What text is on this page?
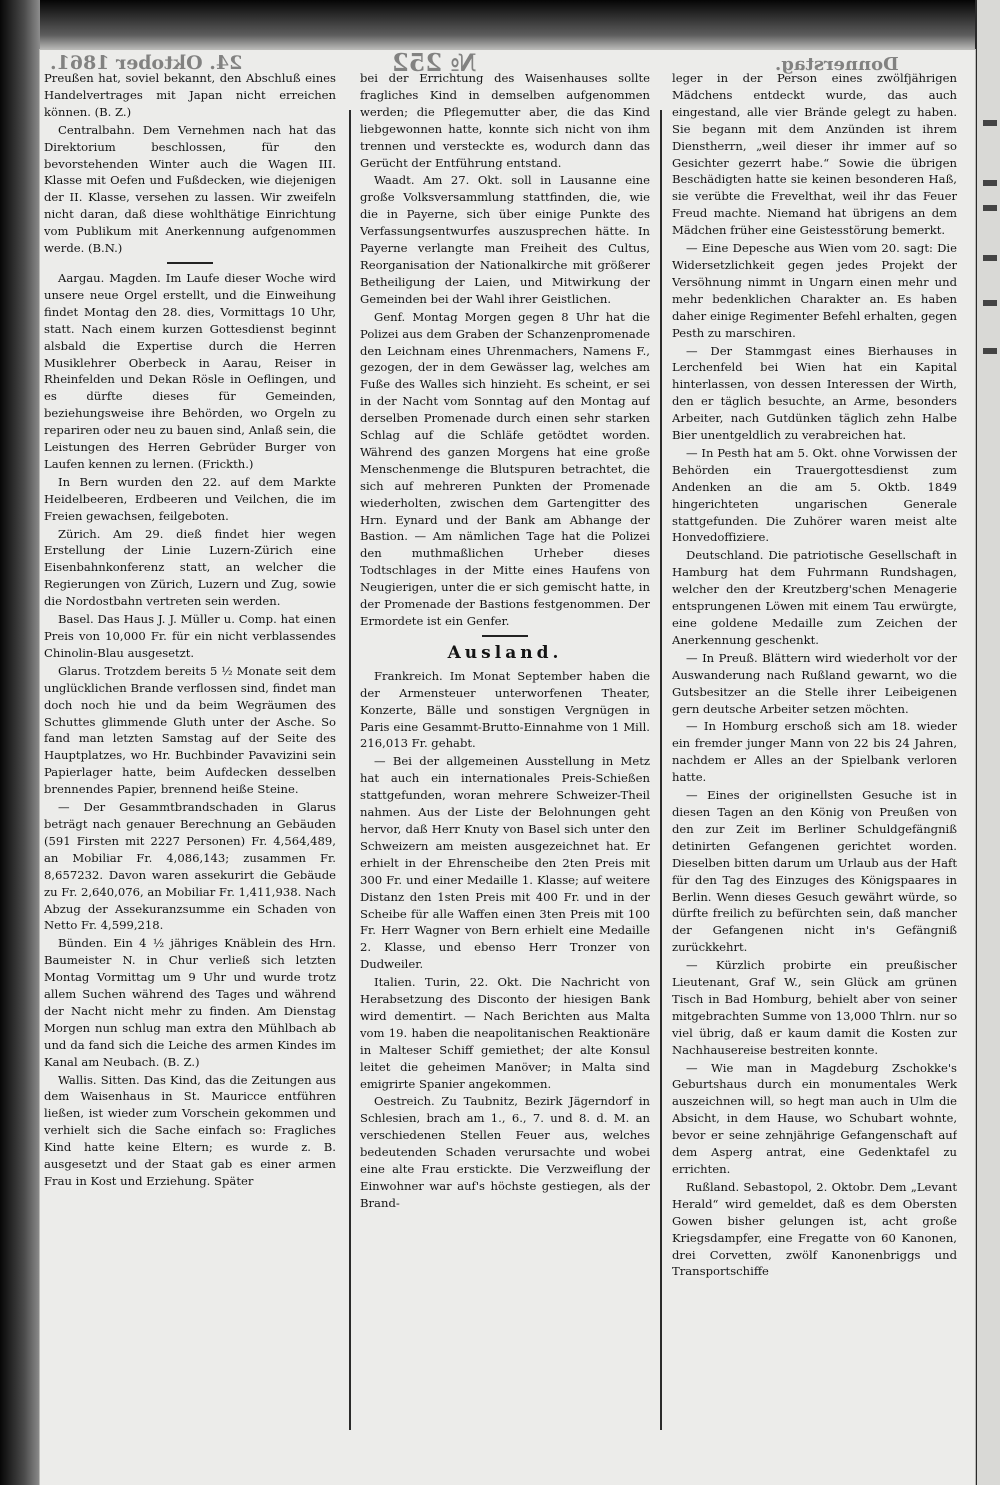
24. Oktober 1861.	№ 252	Donnerstag.

Preußen hat, soviel bekannt, den Abschluß eines Handelvertrages mit Japan nicht erreichen können. (B. Z.)

Centralbahn. Dem Vernehmen nach hat das Direktorium beschlossen, für den bevorstehenden Winter auch die Wagen III. Klasse mit Oefen und Fußdecken, wie diejenigen der II. Klasse, versehen zu lassen. Wir zweifeln nicht daran, daß diese wohlthätige Einrichtung vom Publikum mit Anerkennung aufgenommen werde. (B.N.)

Aargau. Magden. Im Laufe dieser Woche wird unsere neue Orgel erstellt, und die Einweihung findet Montag den 28. dies, Vormittags 10 Uhr, statt. Nach einem kurzen Gottesdienst beginnt alsbald die Expertise durch die Herren Musiklehrer Oberbeck in Aarau, Reiser in Rheinfelden und Dekan Rösle in Oeflingen, und es dürfte dieses für Gemeinden, beziehungsweise ihre Behörden, wo Orgeln zu repariren oder neu zu bauen sind, Anlaß sein, die Leistungen des Herren Gebrüder Burger von Laufen kennen zu lernen. (Frickth.)

In Bern wurden den 22. auf dem Markte Heidelbeeren, Erdbeeren und Veilchen, die im Freien gewachsen, feilgeboten.

Zürich. Am 29. dieß findet hier wegen Erstellung der Linie Luzern-Zürich eine Eisenbahnkonferenz statt, an welcher die Regierungen von Zürich, Luzern und Zug, sowie die Nordostbahn vertreten sein werden.

Basel. Das Haus J. J. Müller u. Comp. hat einen Preis von 10,000 Fr. für ein nicht verblassendes Chinolin-Blau ausgesetzt.

Glarus. Trotzdem bereits 5 ½ Monate seit dem unglücklichen Brande verflossen sind, findet man doch noch hie und da beim Wegräumen des Schuttes glimmende Gluth unter der Asche. So fand man letzten Samstag auf der Seite des Hauptplatzes, wo Hr. Buchbinder Pavavizini sein Papierlager hatte, beim Aufdecken desselben brennendes Papier, brennend heiße Steine.

— Der Gesammtbrandschaden in Glarus beträgt nach genauer Berechnung an Gebäuden (591 Firsten mit 2227 Personen) Fr. 4,564,489, an Mobiliar Fr. 4,086,143; zusammen Fr. 8,657232. Davon waren assekurirt die Gebäude zu Fr. 2,640,076, an Mobiliar Fr. 1,411,938. Nach Abzug der Assekuranzsumme ein Schaden von Netto Fr. 4,599,218.

Bünden. Ein 4 ½ jähriges Knäblein des Hrn. Baumeister N. in Chur verließ sich letzten Montag Vormittag um 9 Uhr und wurde trotz allem Suchen während des Tages und während der Nacht nicht mehr zu finden. Am Dienstag Morgen nun schlug man extra den Mühlbach ab und da fand sich die Leiche des armen Kindes im Kanal am Neubach. (B. Z.)

Wallis. Sitten. Das Kind, das die Zeitungen aus dem Waisenhaus in St. Mauricce entführen ließen, ist wieder zum Vorschein gekommen und verhielt sich die Sache einfach so: Fragliches Kind hatte keine Eltern; es wurde z. B. ausgesetzt und der Staat gab es einer armen Frau in Kost und Erziehung. Später

bei der Errichtung des Waisenhauses sollte fragliches Kind in demselben aufgenommen werden; die Pflegemutter aber, die das Kind liebgewonnen hatte, konnte sich nicht von ihm trennen und versteckte es, wodurch dann das Gerücht der Entführung entstand.

Waadt. Am 27. Okt. soll in Lausanne eine große Volksversammlung stattfinden, die, wie die in Payerne, sich über einige Punkte des Verfassungsentwurfes auszusprechen hätte. In Payerne verlangte man Freiheit des Cultus, Reorganisation der Nationalkirche mit größerer Betheiligung der Laien, und Mitwirkung der Gemeinden bei der Wahl ihrer Geistlichen.

Genf. Montag Morgen gegen 8 Uhr hat die Polizei aus dem Graben der Schanzenpromenade den Leichnam eines Uhrenmachers, Namens F., gezogen, der in dem Gewässer lag, welches am Fuße des Walles sich hinzieht. Es scheint, er sei in der Nacht vom Sonntag auf den Montag auf derselben Promenade durch einen sehr starken Schlag auf die Schläfe getödtet worden. Während des ganzen Morgens hat eine große Menschenmenge die Blutspuren betrachtet, die sich auf mehreren Punkten der Promenade wiederholten, zwischen dem Gartengitter des Hrn. Eynard und der Bank am Abhange der Bastion. — Am nämlichen Tage hat die Polizei den muthmaßlichen Urheber dieses Todtschlages in der Mitte eines Haufens von Neugierigen, unter die er sich gemischt hatte, in der Promenade der Bastions festgenommen. Der Ermordete ist ein Genfer.

Ausland.

Frankreich. Im Monat September haben die der Armensteuer unterworfenen Theater, Konzerte, Bälle und sonstigen Vergnügen in Paris eine Gesammt-Brutto-Einnahme von 1 Mill. 216,013 Fr. gehabt.

— Bei der allgemeinen Ausstellung in Metz hat auch ein internationales Preis-Schießen stattgefunden, woran mehrere Schweizer-Theil nahmen. Aus der Liste der Belohnungen geht hervor, daß Herr Knuty von Basel sich unter den Schweizern am meisten ausgezeichnet hat. Er erhielt in der Ehrenscheibe den 2ten Preis mit 300 Fr. und einer Medaille 1. Klasse; auf weitere Distanz den 1sten Preis mit 400 Fr. und in der Scheibe für alle Waffen einen 3ten Preis mit 100 Fr. Herr Wagner von Bern erhielt eine Medaille 2. Klasse, und ebenso Herr Tronzer von Dudweiler.

Italien. Turin, 22. Okt. Die Nachricht von Herabsetzung des Disconto der hiesigen Bank wird dementirt. — Nach Berichten aus Malta vom 19. haben die neapolitanischen Reaktionäre in Malteser Schiff gemiethet; der alte Konsul leitet die geheimen Manöver; in Malta sind emigrirte Spanier angekommen.

Oestreich. Zu Taubnitz, Bezirk Jägerndorf in Schlesien, brach am 1., 6., 7. und 8. d. M. an verschiedenen Stellen Feuer aus, welches bedeutenden Schaden verursachte und wobei eine alte Frau erstickte. Die Verzweiflung der Einwohner war auf's höchste gestiegen, als der Brand-

leger in der Person eines zwölfjährigen Mädchens entdeckt wurde, das auch eingestand, alle vier Brände gelegt zu haben. Sie begann mit dem Anzünden ist ihrem Dienstherrn, „weil dieser ihr immer auf so Gesichter gezerrt habe.“ Sowie die übrigen Beschädigten hatte sie keinen besonderen Haß, sie verübte die Frevelthat, weil ihr das Feuer Freud machte. Niemand hat übrigens an dem Mädchen früher eine Geistesstörung bemerkt.

— Eine Depesche aus Wien vom 20. sagt: Die Widersetzlichkeit gegen jedes Projekt der Versöhnung nimmt in Ungarn einen mehr und mehr bedenklichen Charakter an. Es haben daher einige Regimenter Befehl erhalten, gegen Pesth zu marschiren.

— Der Stammgast eines Bierhauses in Lerchenfeld bei Wien hat ein Kapital hinterlassen, von dessen Interessen der Wirth, den er täglich besuchte, an Arme, besonders Arbeiter, nach Gutdünken täglich zehn Halbe Bier unentgeldlich zu verabreichen hat.

— In Pesth hat am 5. Okt. ohne Vorwissen der Behörden ein Trauergottesdienst zum Andenken an die am 5. Oktb. 1849 hingerichteten ungarischen Generale stattgefunden. Die Zuhörer waren meist alte Honvedoffiziere.

Deutschland. Die patriotische Gesellschaft in Hamburg hat dem Fuhrmann Rundshagen, welcher den der Kreutzberg'schen Menagerie entsprungenen Löwen mit einem Tau erwürgte, eine goldene Medaille zum Zeichen der Anerkennung geschenkt.

— In Preuß. Blättern wird wiederholt vor der Auswanderung nach Rußland gewarnt, wo die Gutsbesitzer an die Stelle ihrer Leibeigenen gern deutsche Arbeiter setzen möchten.

— In Homburg erschoß sich am 18. wieder ein fremder junger Mann von 22 bis 24 Jahren, nachdem er Alles an der Spielbank verloren hatte.

— Eines der originellsten Gesuche ist in diesen Tagen an den König von Preußen von den zur Zeit im Berliner Schuldgefängniß detinirten Gefangenen gerichtet worden. Dieselben bitten darum um Urlaub aus der Haft für den Tag des Einzuges des Königspaares in Berlin. Wenn dieses Gesuch gewährt würde, so dürfte freilich zu befürchten sein, daß mancher der Gefangenen nicht in's Gefängniß zurückkehrt.

— Kürzlich probirte ein preußischer Lieutenant, Graf W., sein Glück am grünen Tisch in Bad Homburg, behielt aber von seiner mitgebrachten Summe von 13,000 Thlrn. nur so viel übrig, daß er kaum damit die Kosten zur Nachhausereise bestreiten konnte.

— Wie man in Magdeburg Zschokke's Geburtshaus durch ein monumentales Werk auszeichnen will, so hegt man auch in Ulm die Absicht, in dem Hause, wo Schubart wohnte, bevor er seine zehnjährige Gefangenschaft auf dem Asperg antrat, eine Gedenktafel zu errichten.

Rußland. Sebastopol, 2. Oktobr. Dem „Levant Herald“ wird gemeldet, daß es dem Obersten Gowen bisher gelungen ist, acht große Kriegsdampfer, eine Fregatte von 60 Kanonen, drei Corvetten, zwölf Kanonenbriggs und Transportschiffe
